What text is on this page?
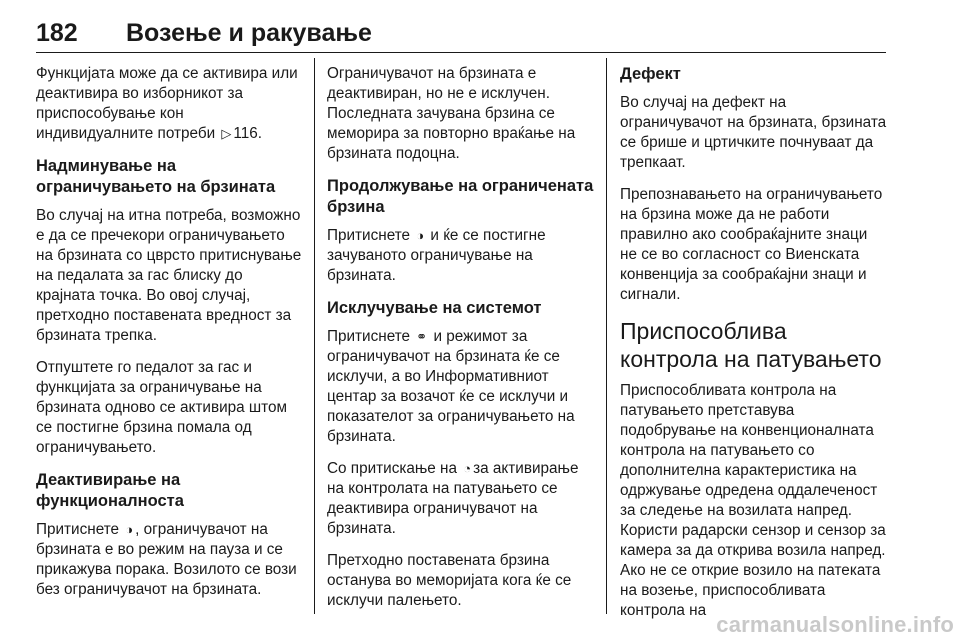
182	Возење и ракување

Функцијата може да се активира или деактивира во изборникот за приспособување кон индивидуалните потреби ▷ 116.

Надминување на ограничувањето на брзината

Во случај на итна потреба, возможно е да се пречекори ограничувањето на брзината со цврсто притиснување на педалата за гас блиску до крајната точка. Во овој случај, претходно поставената вредност за брзината трепка.

Отпуштете го педалот за гас и функцијата за ограничување на брзината одново се активира штом се постигне брзина помала од ограничувањето.

Деактивирање на функционалноста

Притиснете ◑ , ограничувачот на брзината е во режим на пауза и се прикажува порака. Возилото се вози без ограничувачот на брзината.

Ограничувачот на брзината е деактивиран, но не е исклучен. Последната зачувана брзина се меморира за повторно враќање на брзината подоцна.

Продолжување на ограничената брзина

Притиснете ◑ и ќе се постигне зачуваното ограничување на брзината.

Исклучување на системот

Притиснете ⚭ и режимот за ограничувачот на брзината ќе се исклучи, а во Информативниот центар за возачот ќе се исклучи и показателот за ограничувањето на брзината.

Со притискање на ◔ за активирање на контролата на патувањето се деактивира ограничувачот на брзината.

Претходно поставената брзина останува во меморијата кога ќе се исклучи палењето.

Дефект

Во случај на дефект на ограничувачот на брзината, брзината се брише и цртичките почнуваат да трепкаат.

Препознавањето на ограничувањето на брзина може да не работи правилно ако сообраќајните знаци не се во согласност со Виенската конвенција за сообраќајни знаци и сигнали.

Приспособлива контрола на патувањето

Приспособливата контрола на патувањето претставува подобрување на конвенционалната контрола на патувањето со дополнителна карактеристика на одржување одредена оддалеченост за следење на возилата напред. Користи радарски сензор и сензор за камера за да открива возила напред. Ако не се открие возило на патеката на возење, приспособливата контрола на

carmanualsonline.info
